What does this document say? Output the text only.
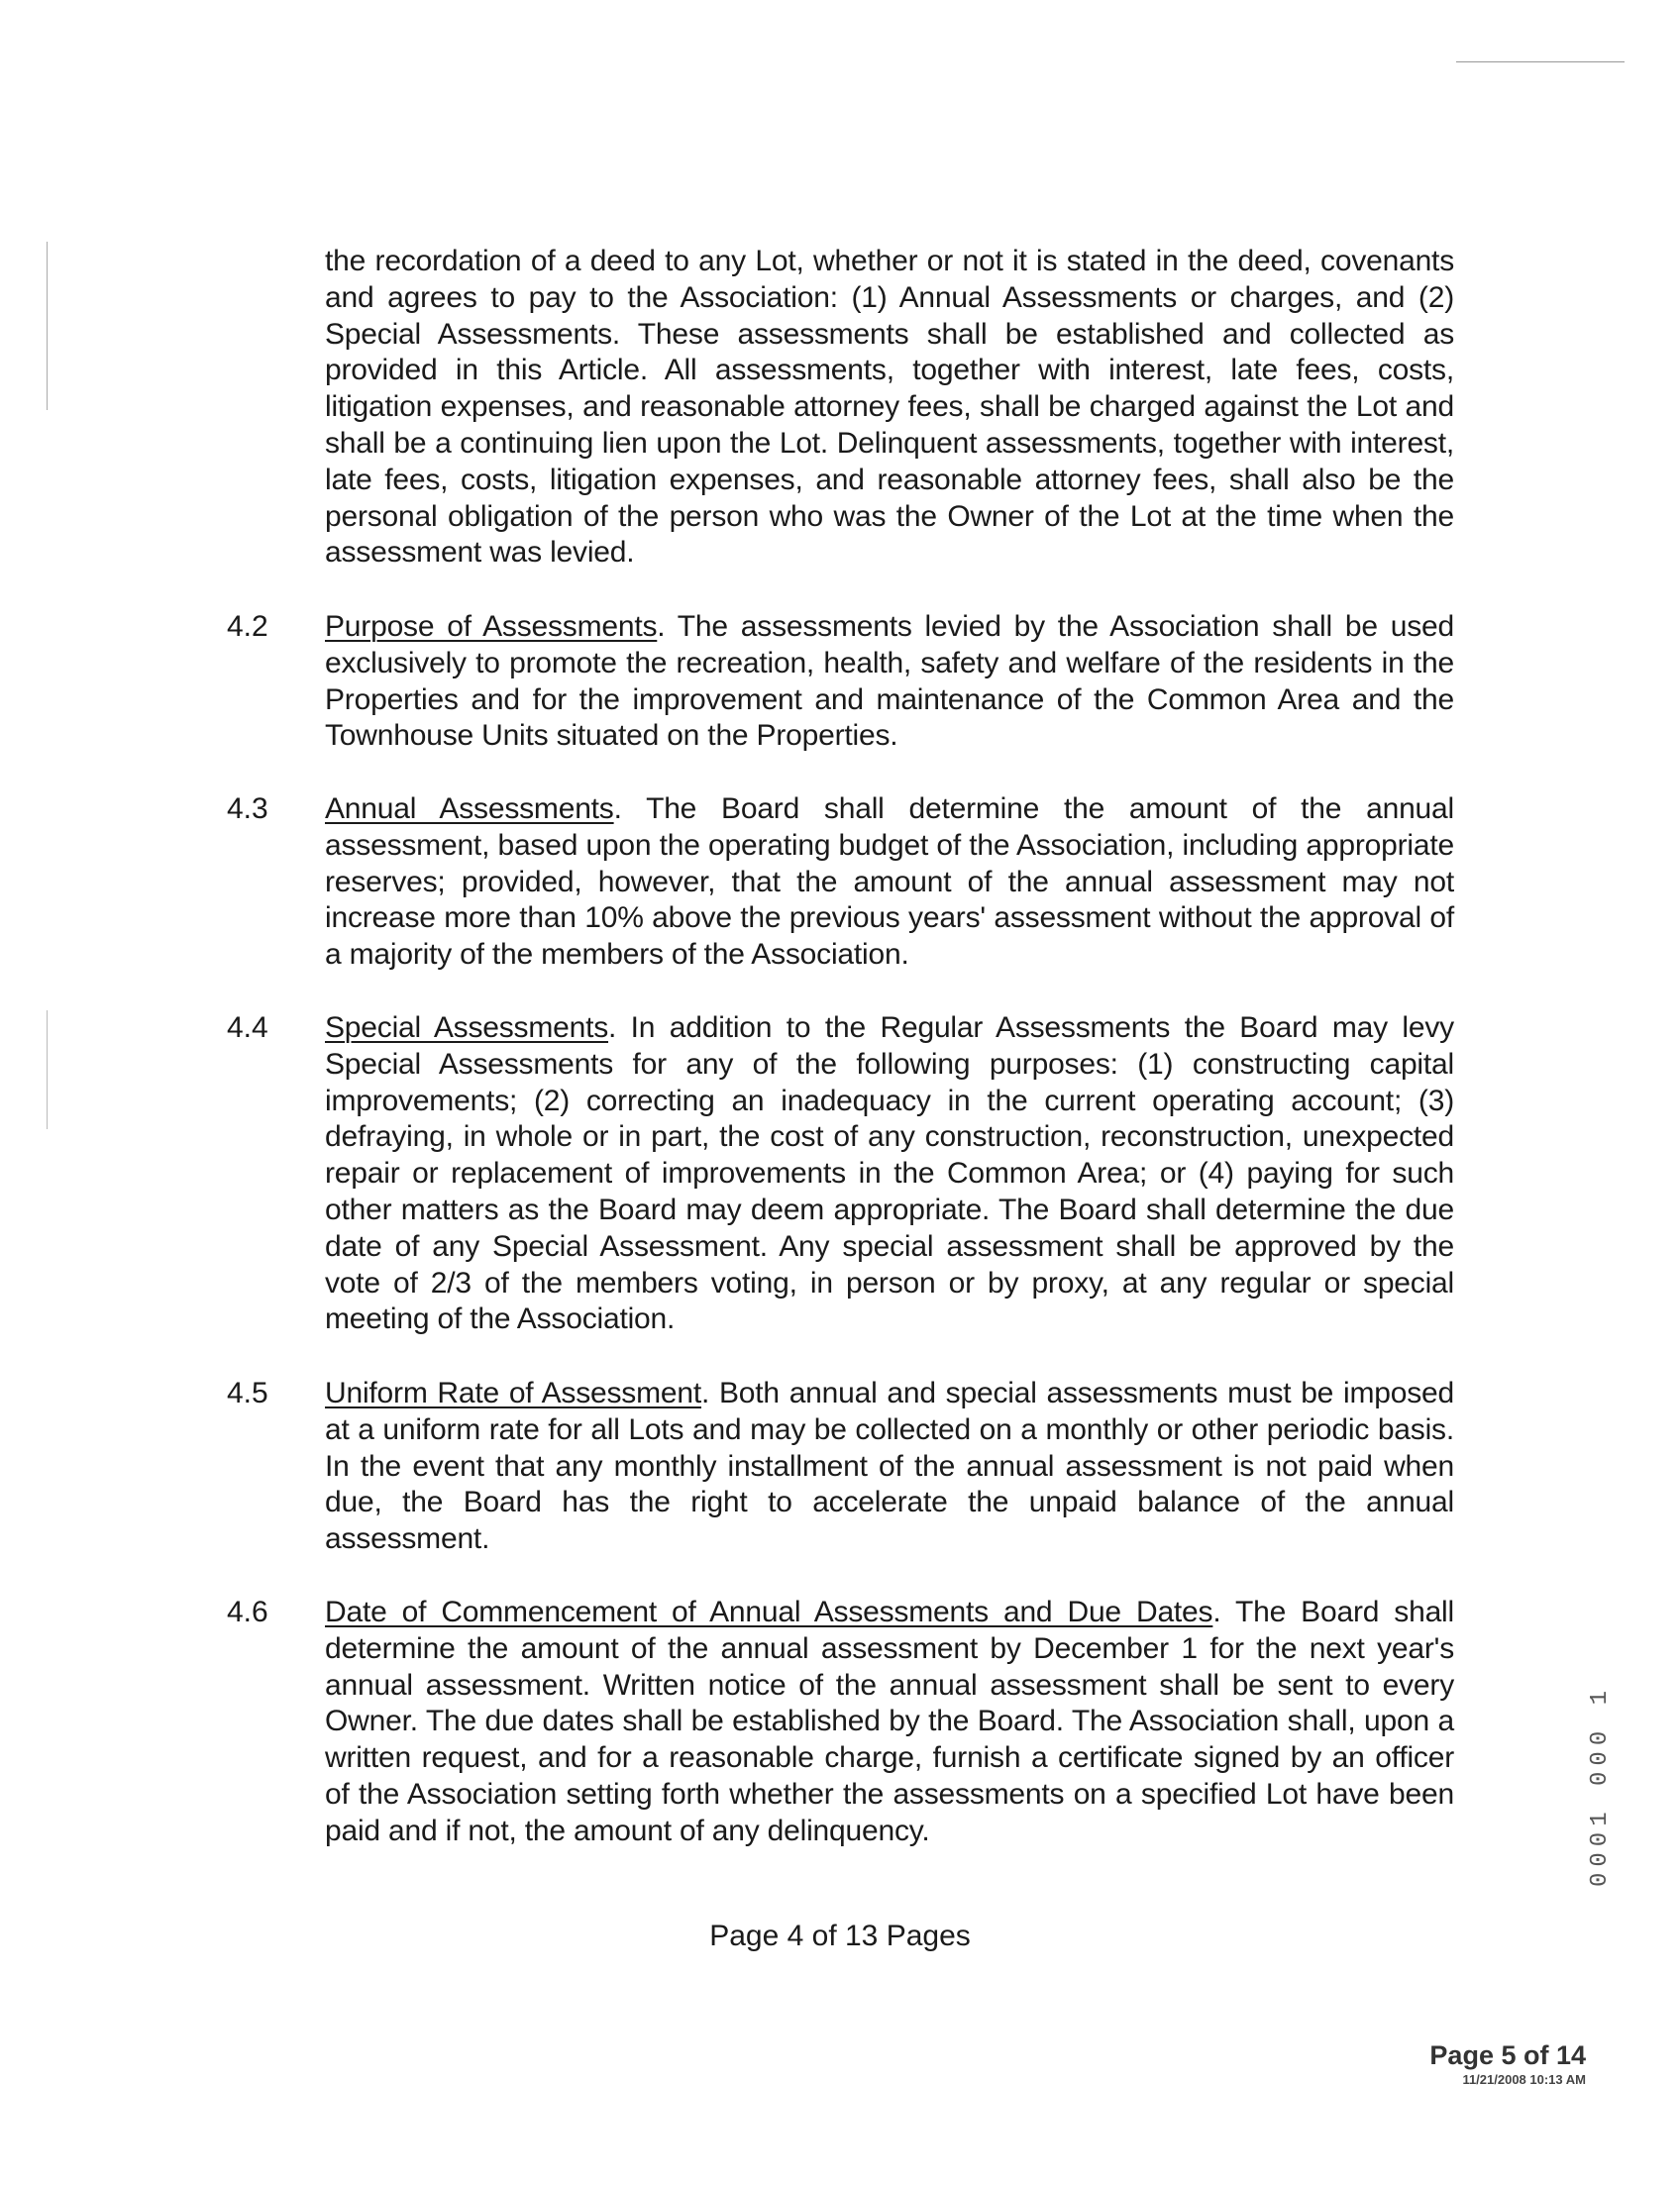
the recordation of a deed to any Lot, whether or not it is stated in the deed, covenants and agrees to pay to the Association: (1) Annual Assessments or charges, and (2) Special Assessments. These assessments shall be established and collected as provided in this Article. All assessments, together with interest, late fees, costs, litigation expenses, and reasonable attorney fees, shall be charged against the Lot and shall be a continuing lien upon the Lot. Delinquent assessments, together with interest, late fees, costs, litigation expenses, and reasonable attorney fees, shall also be the personal obligation of the person who was the Owner of the Lot at the time when the assessment was levied.
4.2 Purpose of Assessments. The assessments levied by the Association shall be used exclusively to promote the recreation, health, safety and welfare of the residents in the Properties and for the improvement and maintenance of the Common Area and the Townhouse Units situated on the Properties.
4.3 Annual Assessments. The Board shall determine the amount of the annual assessment, based upon the operating budget of the Association, including appropriate reserves; provided, however, that the amount of the annual assessment may not increase more than 10% above the previous years' assessment without the approval of a majority of the members of the Association.
4.4 Special Assessments. In addition to the Regular Assessments the Board may levy Special Assessments for any of the following purposes: (1) constructing capital improvements; (2) correcting an inadequacy in the current operating account; (3) defraying, in whole or in part, the cost of any construction, reconstruction, unexpected repair or replacement of improvements in the Common Area; or (4) paying for such other matters as the Board may deem appropriate. The Board shall determine the due date of any Special Assessment. Any special assessment shall be approved by the vote of 2/3 of the members voting, in person or by proxy, at any regular or special meeting of the Association.
4.5 Uniform Rate of Assessment. Both annual and special assessments must be imposed at a uniform rate for all Lots and may be collected on a monthly or other periodic basis. In the event that any monthly installment of the annual assessment is not paid when due, the Board has the right to accelerate the unpaid balance of the annual assessment.
4.6 Date of Commencement of Annual Assessments and Due Dates. The Board shall determine the amount of the annual assessment by December 1 for the next year's annual assessment. Written notice of the annual assessment shall be sent to every Owner. The due dates shall be established by the Board. The Association shall, upon a written request, and for a reasonable charge, furnish a certificate signed by an officer of the Association setting forth whether the assessments on a specified Lot have been paid and if not, the amount of any delinquency.
Page 4 of 13 Pages
Page 5 of 14
11/21/2008 10:13 AM
0001 000 1
